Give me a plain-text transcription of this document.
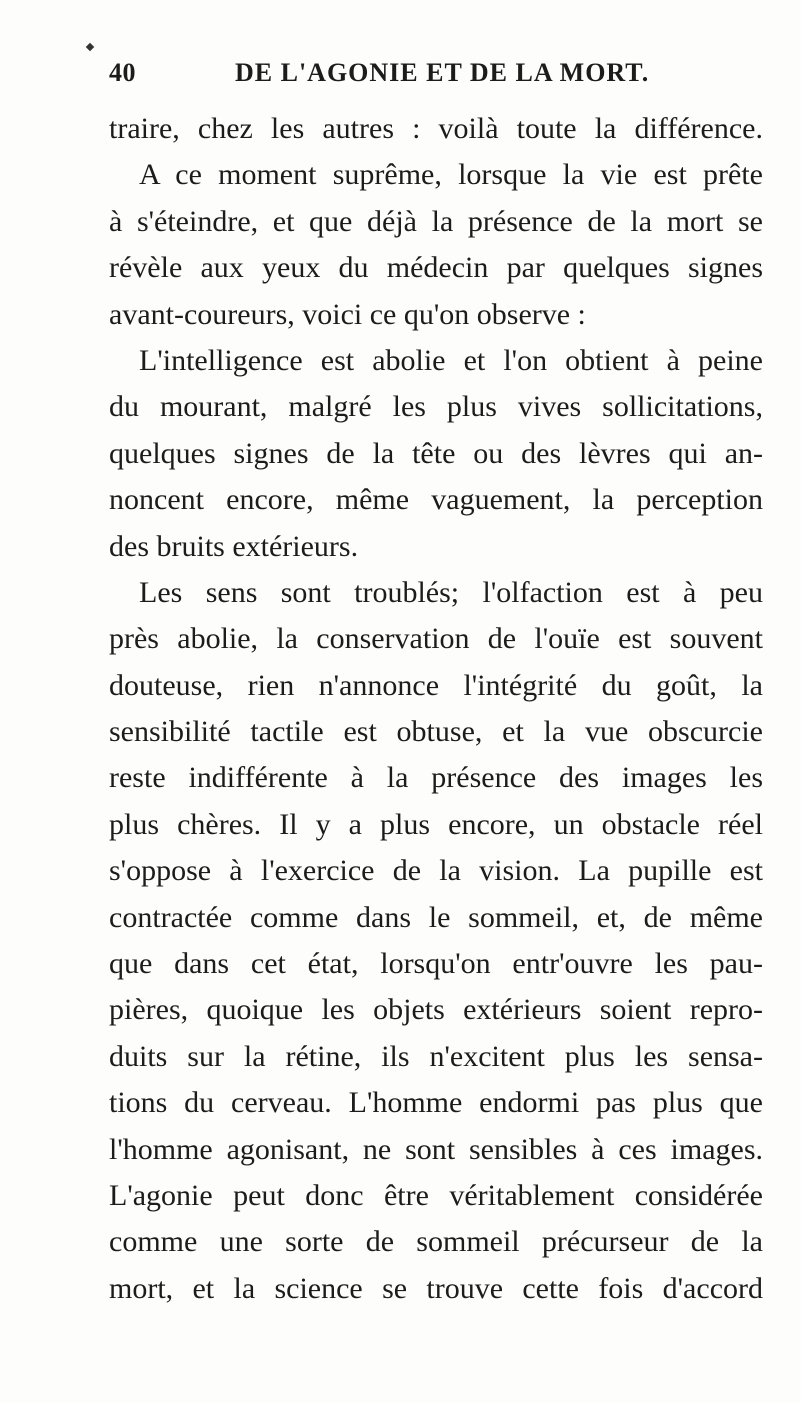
40	DE L'AGONIE ET DE LA MORT.
traire, chez les autres : voilà toute la différence.
A ce moment suprême, lorsque la vie est prête
à s'éteindre, et que déjà la présence de la mort se
révèle aux yeux du médecin par quelques signes
avant-coureurs, voici ce qu'on observe :
L'intelligence est abolie et l'on obtient à peine
du mourant, malgré les plus vives sollicitations,
quelques signes de la tête ou des lèvres qui an-
noncent encore, même vaguement, la perception
des bruits extérieurs.
Les sens sont troublés; l'olfaction est à peu
près abolie, la conservation de l'ouïe est souvent
douteuse, rien n'annonce l'intégrité du goût, la
sensibilité tactile est obtuse, et la vue obscurcie
reste indifférente à la présence des images les
plus chères. Il y a plus encore, un obstacle réel
s'oppose à l'exercice de la vision. La pupille est
contractée comme dans le sommeil, et, de même
que dans cet état, lorsqu'on entr'ouvre les pau-
pières, quoique les objets extérieurs soient repro-
duits sur la rétine, ils n'excitent plus les sensa-
tions du cerveau. L'homme endormi pas plus que
l'homme agonisant, ne sont sensibles à ces images.
L'agonie peut donc être véritablement considérée
comme une sorte de sommeil précurseur de la
mort, et la science se trouve cette fois d'accord
